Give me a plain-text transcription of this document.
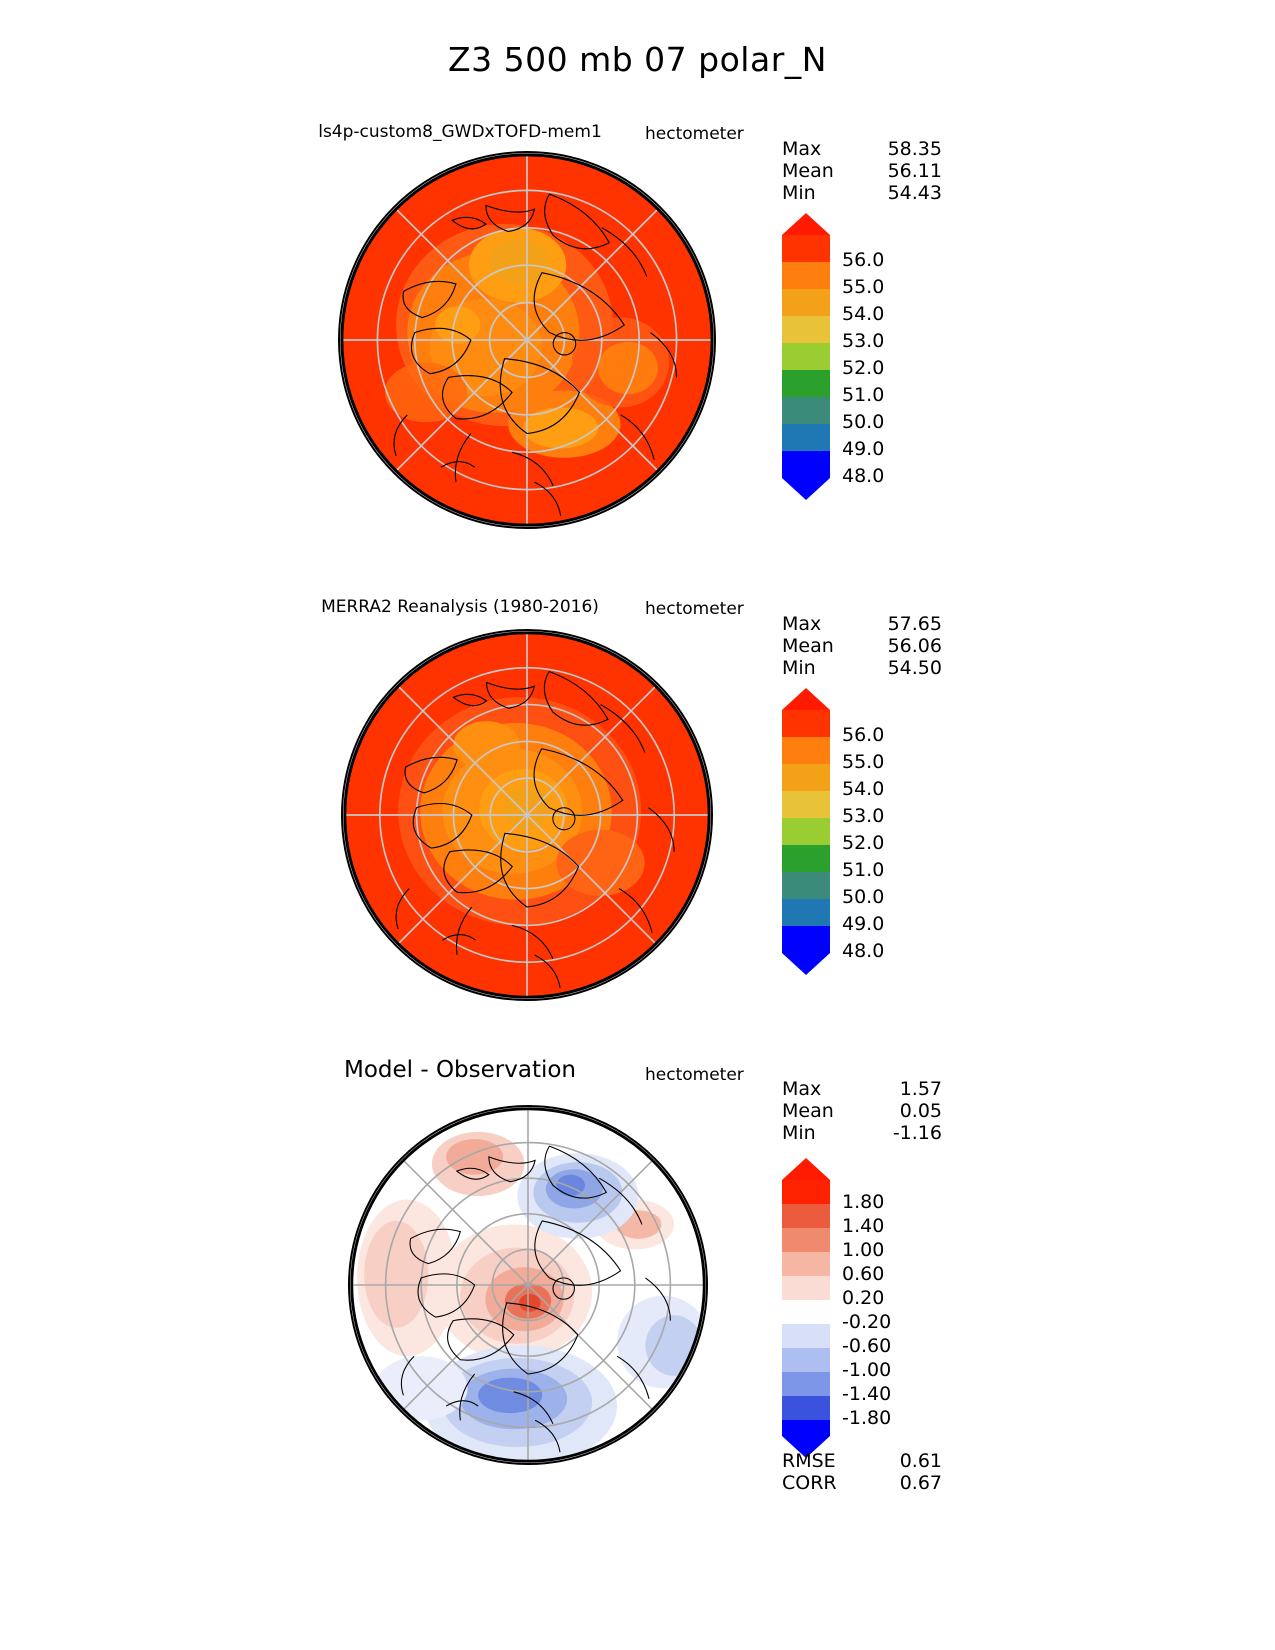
Z3 500 mb 07 polar_N
ls4p-custom8_GWDxTOFD-mem1	hectometer
Max	58.35
Mean	56.11
Min	54.43
56.0
55.0
54.0
53.0
52.0
51.0
50.0
49.0
48.0
MERRA2 Reanalysis (1980-2016)	hectometer
Max	57.65
Mean	56.06
Min	54.50
56.0
55.0
54.0
53.0
52.0
51.0
50.0
49.0
48.0
Model - Observation	hectometer
Max	1.57
Mean	0.05
Min	-1.16
1.80
1.40
1.00
0.60
0.20
-0.20
-0.60
-1.00
-1.40
-1.80
RMSE	0.61
CORR	0.67
